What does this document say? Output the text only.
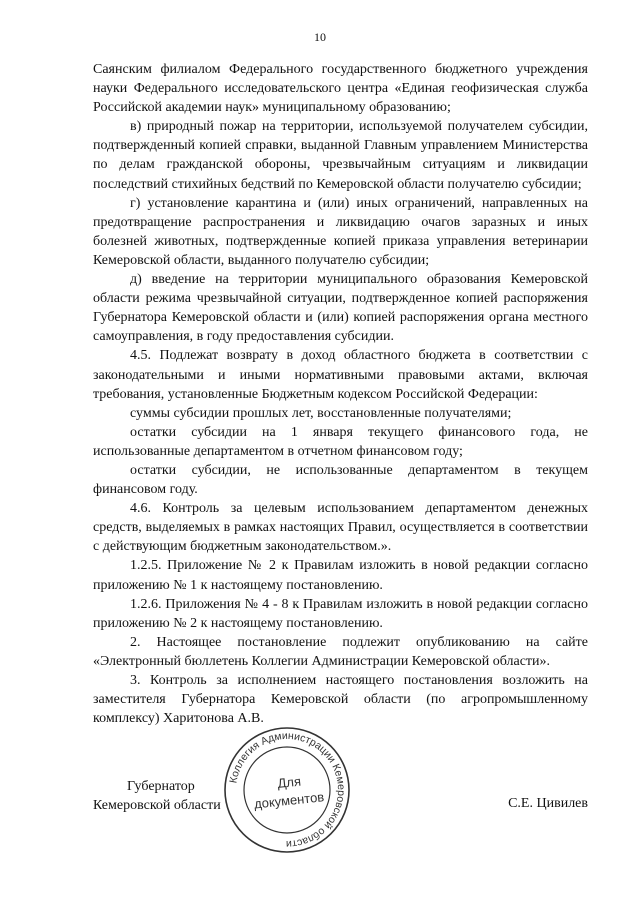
10

Саянским филиалом Федерального государственного бюджетного учреждения науки Федерального исследовательского центра «Единая геофизическая служба Российской академии наук» муниципальному образованию;

в) природный пожар на территории, используемой получателем субсидии, подтвержденный копией справки, выданной Главным управлением Министерства по делам гражданской обороны, чрезвычайным ситуациям и ликвидации последствий стихийных бедствий по Кемеровской области получателю субсидии;

г) установление карантина и (или) иных ограничений, направленных на предотвращение распространения и ликвидацию очагов заразных и иных болезней животных, подтвержденные копией приказа управления ветеринарии Кемеровской области, выданного получателю субсидии;

д) введение на территории муниципального образования Кемеровской области режима чрезвычайной ситуации, подтвержденное копией распоряжения Губернатора Кемеровской области и (или) копией распоряжения органа местного самоуправления, в году предоставления субсидии.

4.5. Подлежат возврату в доход областного бюджета в соответствии с законодательными и иными нормативными правовыми актами, включая требования, установленные Бюджетным кодексом Российской Федерации:

суммы субсидии прошлых лет, восстановленные получателями;

остатки субсидии на 1 января текущего финансового года, не использованные департаментом в отчетном финансовом году;

остатки субсидии, не использованные департаментом в текущем финансовом году.

4.6. Контроль за целевым использованием департаментом денежных средств, выделяемых в рамках настоящих Правил, осуществляется в соответствии с действующим бюджетным законодательством.».

1.2.5. Приложение № 2 к Правилам изложить в новой редакции согласно приложению № 1 к настоящему постановлению.

1.2.6. Приложения № 4 - 8 к Правилам изложить в новой редакции согласно приложению № 2 к настоящему постановлению.

2. Настоящее постановление подлежит опубликованию на сайте «Электронный бюллетень Коллегии Администрации Кемеровской области».

3. Контроль за исполнением настоящего постановления возложить на заместителя Губернатора Кемеровской области (по агропромышленному комплексу) Харитонова А.В.

Коллегия Администрации Кемеровской области
Для
документов
Губернатор
Кемеровской области	С.Е. Цивилев
